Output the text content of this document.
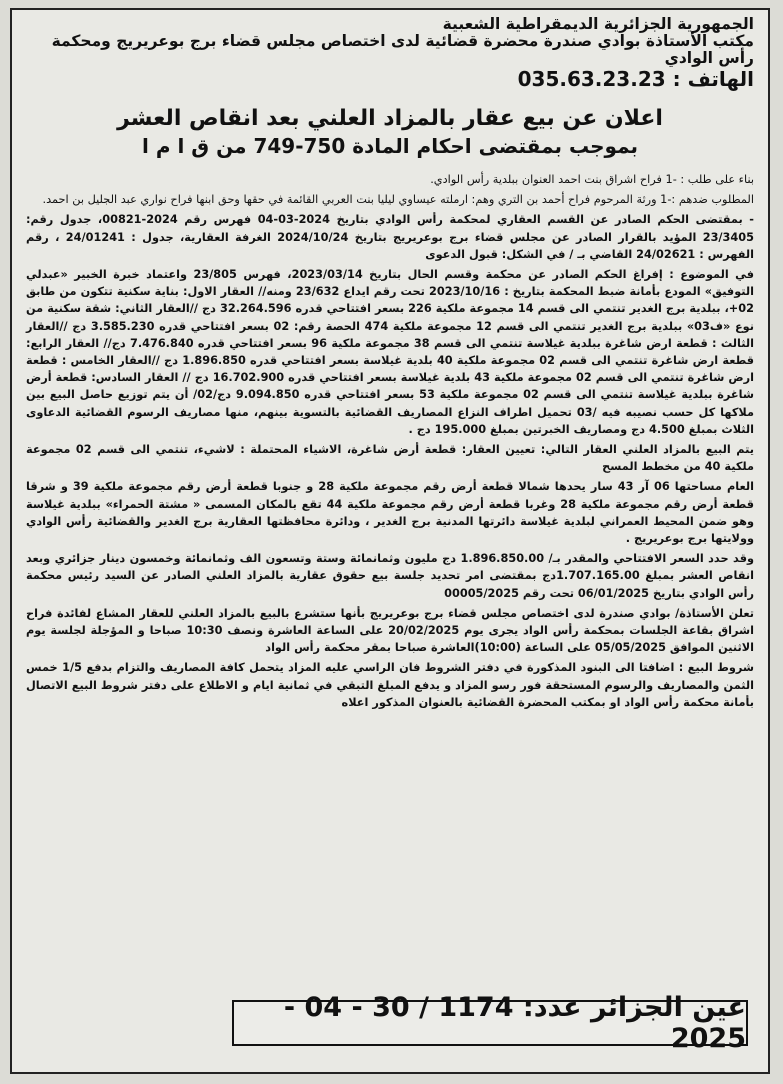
الجمهورية الجزائرية الديمقراطية الشعبية
مكتب الأستاذة بوادي صندرة محضرة قضائية لدى اختصاص مجلس قضاء برج بوعريريج ومحكمة رأس الوادي
الهاتف : 035.63.23.23
اعلان عن بيع عقار بالمزاد العلني بعد انقاص العشر
بموجب بمقتضى احكام المادة 750-749 من ق ا م ا

بناء على طلب : -1 فراح اشراق بنت احمد العنوان ببلدية رأس الوادي.

المطلوب ضدهم :-1 ورثة المرحوم فراح أحمد بن التري وهم: ارملته عيساوي ليليا بنت العربي القائمة في حقها وحق ابنها فراح نواري عبد الجليل بن احمد.

- بمقتضى الحكم الصادر عن القسم العقاري لمحكمة رأس الوادي بتاريخ 2024-03-04 فهرس رقم 2024-00821، جدول رقم: 23/3405 المؤيد بالقرار الصادر عن مجلس قضاء برج بوعريريج بتاريخ 2024/10/24 الغرفة العقارية، جدول : 24/01241 ، رقم الفهرس : 24/02621 القاضي بـ / في الشكل: قبول الدعوى

في الموضوع : إفراغ الحكم الصادر عن محكمة وقسم الحال بتاريخ 2023/03/14، فهرس 23/805 واعتماد خبرة الخبير «عبدلي التوفيق» المودع بأمانة ضبط المحكمة بتاريخ : 2023/10/16 تحت رقم ايداع 23/632 ومنه// العقار الاول: بناية سكنية تتكون من طابق 02+، ببلدية برج الغدير تنتمي الى قسم 14 مجموعة ملكية 226 بسعر افتتاحي قدره 32.264.596 دج //العقار الثاني: شقة سكنية من نوع «ف03» ببلدية برج الغدير تنتمي الى قسم 12 مجموعة ملكية 474 الحصة رقم: 02 بسعر افتتاحي قدره 3.585.230 دج //العقار الثالث : قطعة ارض شاغرة ببلدية غيلاسة تنتمي الى قسم 38 مجموعة ملكية 96 بسعر افتتاحي قدره 7.476.840 دج// العقار الرابع: قطعة ارض شاغرة تنتمي الى قسم 02 مجموعة ملكية 40 بلدية غيلاسة بسعر افتتاحي قدره 1.896.850 دج //العقار الخامس : قطعة ارض شاغرة تنتمي الى قسم 02 مجموعة ملكية 43 بلدية غيلاسة بسعر افتتاحي قدره 16.702.900 دج // العقار السادس: قطعة أرض شاغرة ببلدية غيلاسة تنتمي الى قسم 02 مجموعة ملكية 53 بسعر افتتاحي قدره 9.094.850 دج/02/ أن يتم توزيع حاصل البيع بين ملاكها كل حسب نصيبه فيه /03 تحميل اطراف النزاع المصاريف القضائية بالتسوية بينهم، منها مصاريف الرسوم القضائية الدعاوى الثلاث بمبلغ 4.500 دج ومصاريف الخبرتين بمبلغ 195.000 دج .

يتم البيع بالمزاد العلني العقار التالي: تعيين العقار: قطعة أرض شاغرة، الاشياء المحتملة : لاشيء، تنتمي الى قسم 02 مجموعة ملكية 40 من مخطط المسح

العام مساحتها 06 آر 43 سار يحدها شمالا قطعة أرض رقم مجموعة ملكية 28 و جنوبا قطعة أرض رقم مجموعة ملكية 39 و شرقا قطعة أرض رقم مجموعة ملكية 28 وغربا قطعة أرض رقم مجموعة ملكية 44 تقع بالمكان المسمى « مشتة الحمراء» ببلدية غيلاسة وهو ضمن المحيط العمراني لبلدية غيلاسة دائرتها المدنية برج الغدير ، ودائرة محافظتها العقارية برج الغدير والقضائية رأس الوادي وولايتها برج بوعريريج .

وقد حدد السعر الافتتاحي والمقدر بـ/ 1.896.850.00 دج مليون وثمانمائة وستة وتسعون الف وثمانمائة وخمسون دينار جزائري وبعد انقاص العشر بمبلغ 1.707.165.00دج بمقتضى امر تحديد جلسة بيع حقوق عقارية بالمزاد العلني الصادر عن السيد رئيس محكمة رأس الوادي بتاريخ 06/01/2025 تحت رقم 00005/2025

تعلن الأستاذة/ بوادي صندرة لدى اختصاص مجلس قضاء برج بوعريريج بأنها ستشرع بالبيع بالمزاد العلني للعقار المشاع لفائدة فراح اشراق بقاعة الجلسات بمحكمة رأس الواد يجرى يوم 20/02/2025 على الساعة العاشرة ونصف 10:30 صباحا و المؤجلة لجلسة يوم الاثنين الموافق 05/05/2025 على الساعة (10:00)العاشرة صباحا بمقر محكمة رأس الواد

شروط البيع : اضافتا الى البنود المذكورة في دفتر الشروط فان الراسي عليه المزاد يتحمل كافة المصاريف والتزام بدفع 1/5 خمس الثمن والمصاريف والرسوم المستحقة فور رسو المزاد و يدفع المبلغ التبقي في ثمانية ايام و الاطلاع على دفتر شروط البيع الاتصال بأمانة محكمة رأس الواد او بمكتب المحضرة القضائية بالعنوان المذكور اعلاه

عين الجزائر عدد: 1174 / 30 - 04 - 2025
